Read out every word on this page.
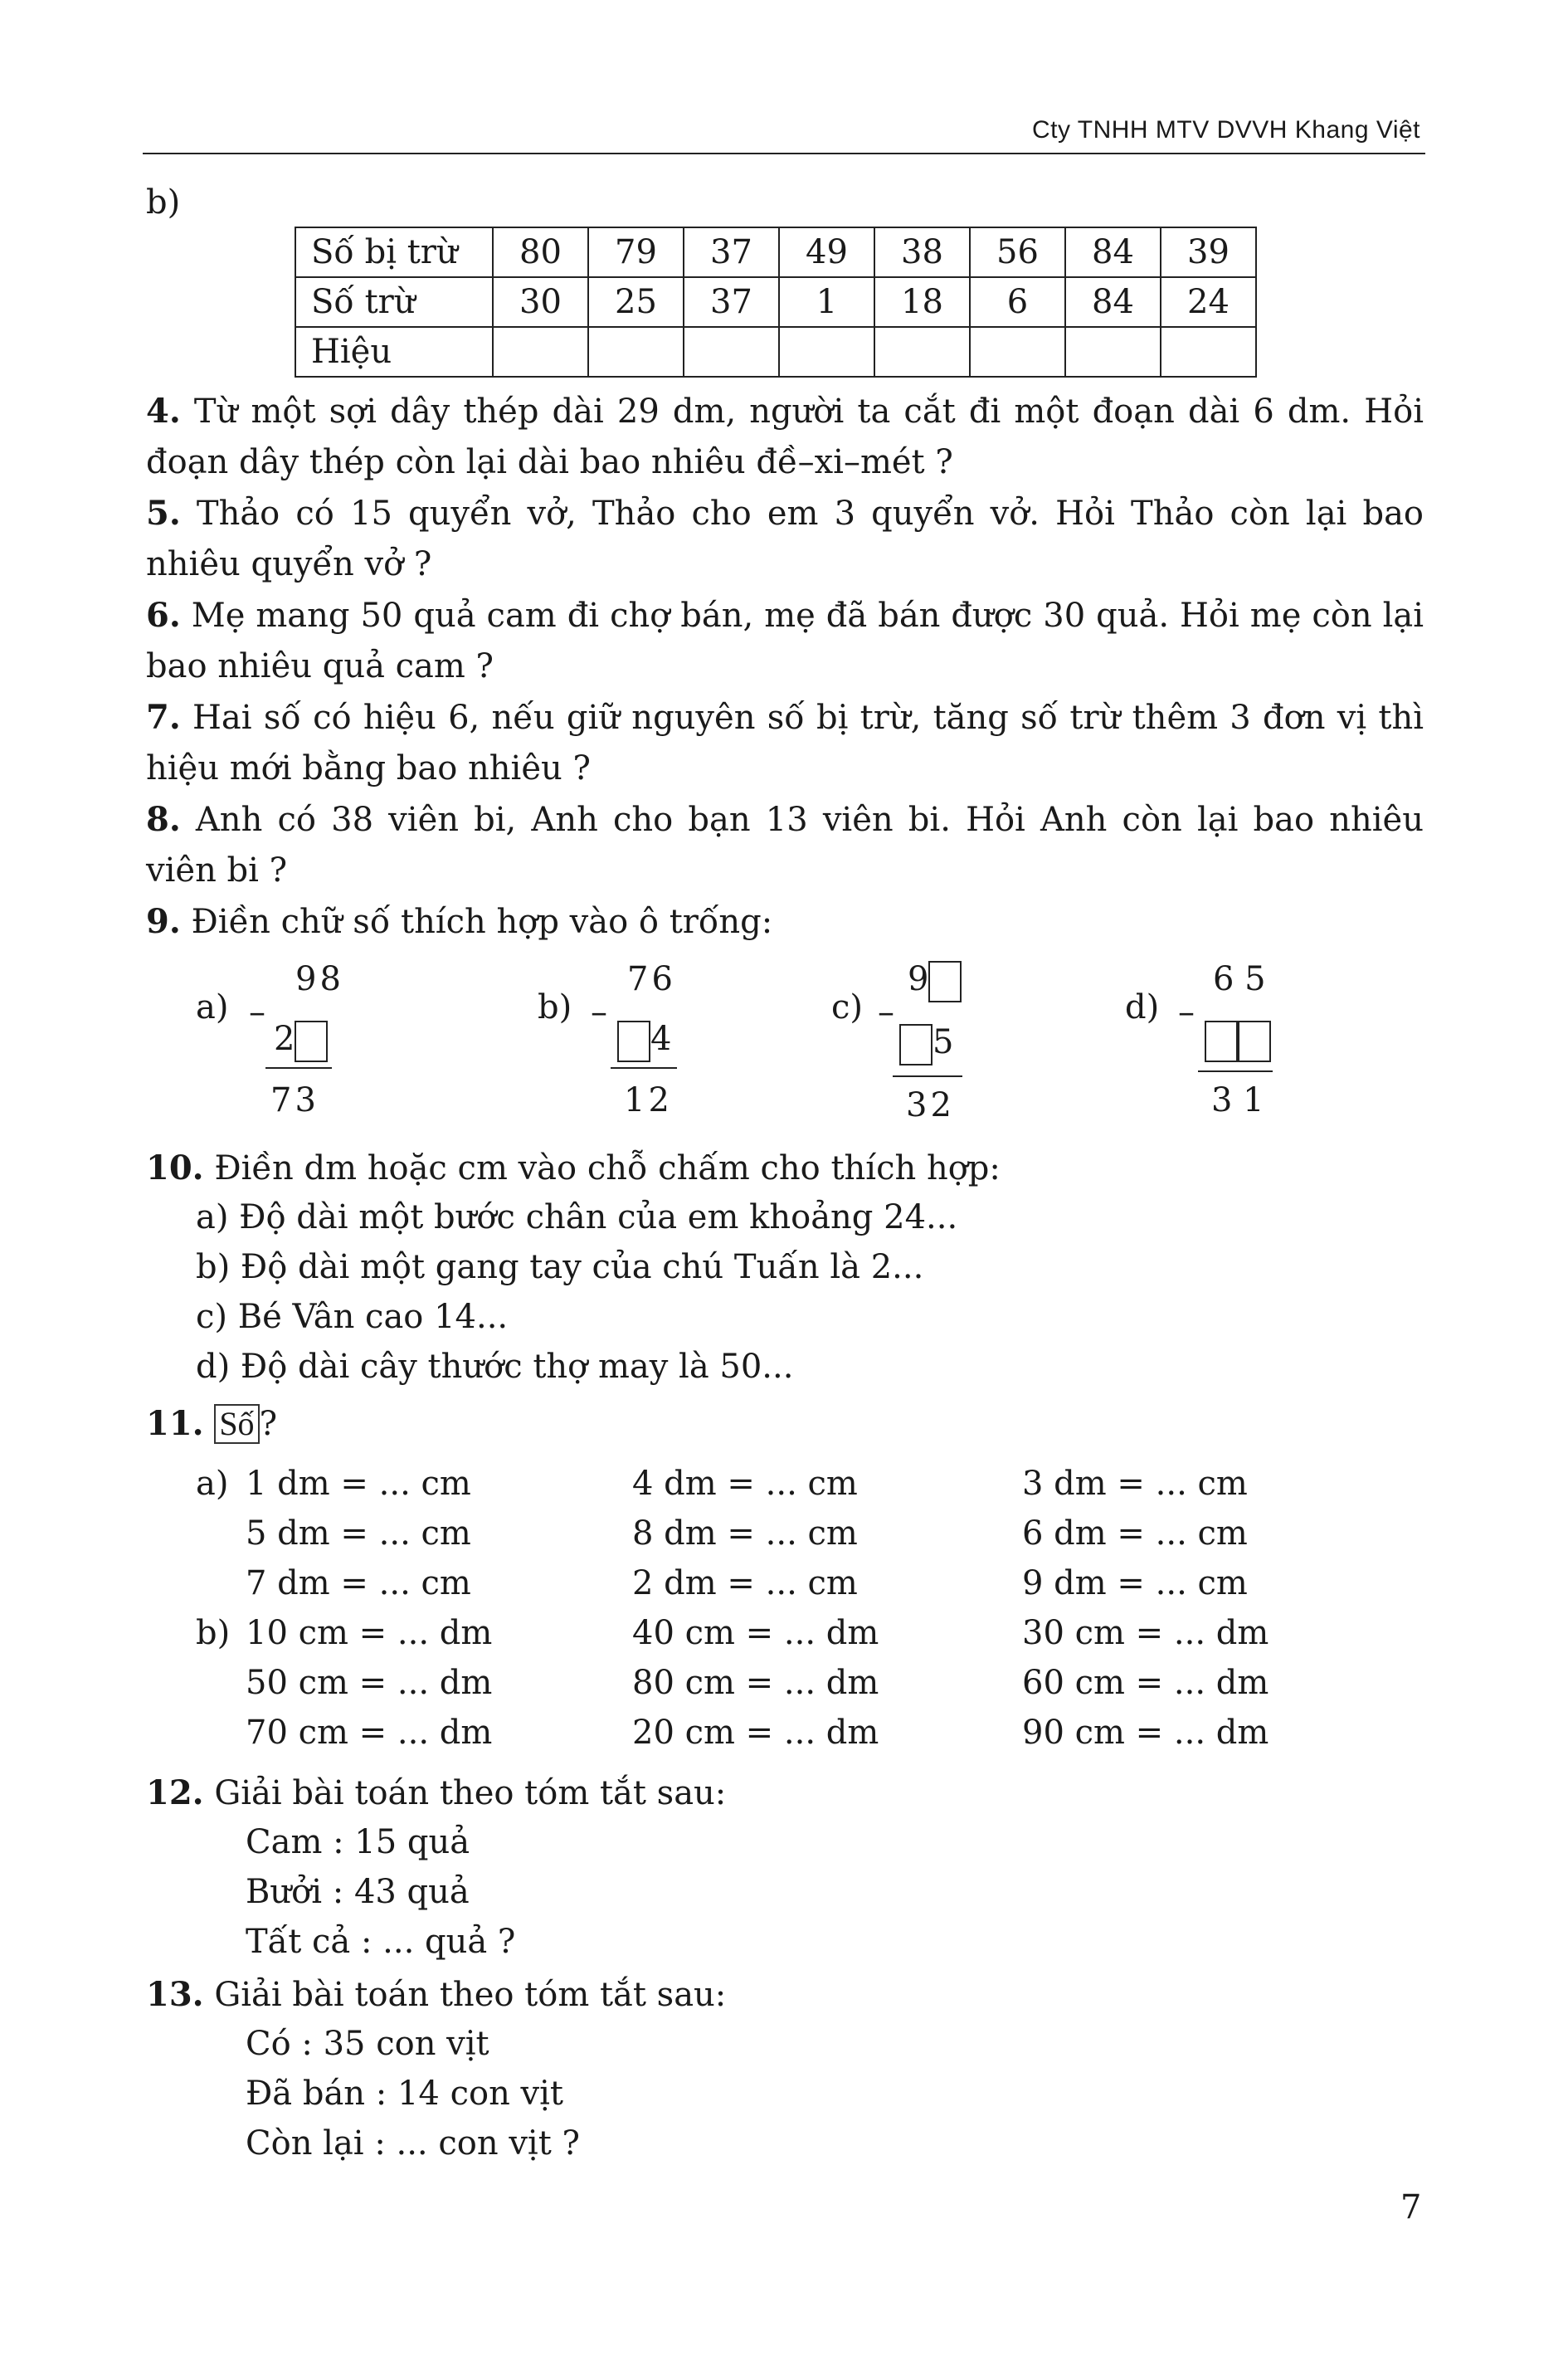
Cty TNHH MTV DVVH Khang Việt
b)
Số bị trừ	80	79	37	49	38	56	84	39
Số trừ	30	25	37	1	18	6	84	24
Hiệu								
4. Từ một sợi dây thép dài 29 dm, người ta cắt đi một đoạn dài 6 dm. Hỏi đoạn dây thép còn lại dài bao nhiêu đề–xi–mét ?
5. Thảo có 15 quyển vở, Thảo cho em 3 quyển vở. Hỏi Thảo còn lại bao nhiêu quyển vở ?
6. Mẹ mang 50 quả cam đi chợ bán, mẹ đã bán được 30 quả. Hỏi mẹ còn lại bao nhiêu quả cam ?
7. Hai số có hiệu 6, nếu giữ nguyên số bị trừ, tăng số trừ thêm 3 đơn vị thì hiệu mới bằng bao nhiêu ?
8. Anh có 38 viên bi, Anh cho bạn 13 viên bi. Hỏi Anh còn lại bao nhiêu viên bi ?
9. Điền chữ số thích hợp vào ô trống:
a) –
98
2
73
b) –
76
4
12
c) –
9
5
32
d) –
6 5
3 1
10. Điền dm hoặc cm vào chỗ chấm cho thích hợp:
a) Độ dài một bước chân của em khoảng 24...
b) Độ dài một gang tay của chú Tuấn là 2...
c) Bé Vân cao 14...
d) Độ dài cây thước thợ may là 50...
11. Số ?
a)
b)
1 dm = ... cm	4 dm = ... cm	3 dm = ... cm
5 dm = ... cm	8 dm = ... cm	6 dm = ... cm
7 dm = ... cm	2 dm = ... cm	9 dm = ... cm
10 cm = ... dm	40 cm = ... dm	30 cm = ... dm
50 cm = ... dm	80 cm = ... dm	60 cm = ... dm
70 cm = ... dm	20 cm = ... dm	90 cm = ... dm
12. Giải bài toán theo tóm tắt sau:
Cam : 15 quả
Bưởi : 43 quả
Tất cả : ... quả ?
13. Giải bài toán theo tóm tắt sau:
Có : 35 con vịt
Đã bán : 14 con vịt
Còn lại : ... con vịt ?
7
